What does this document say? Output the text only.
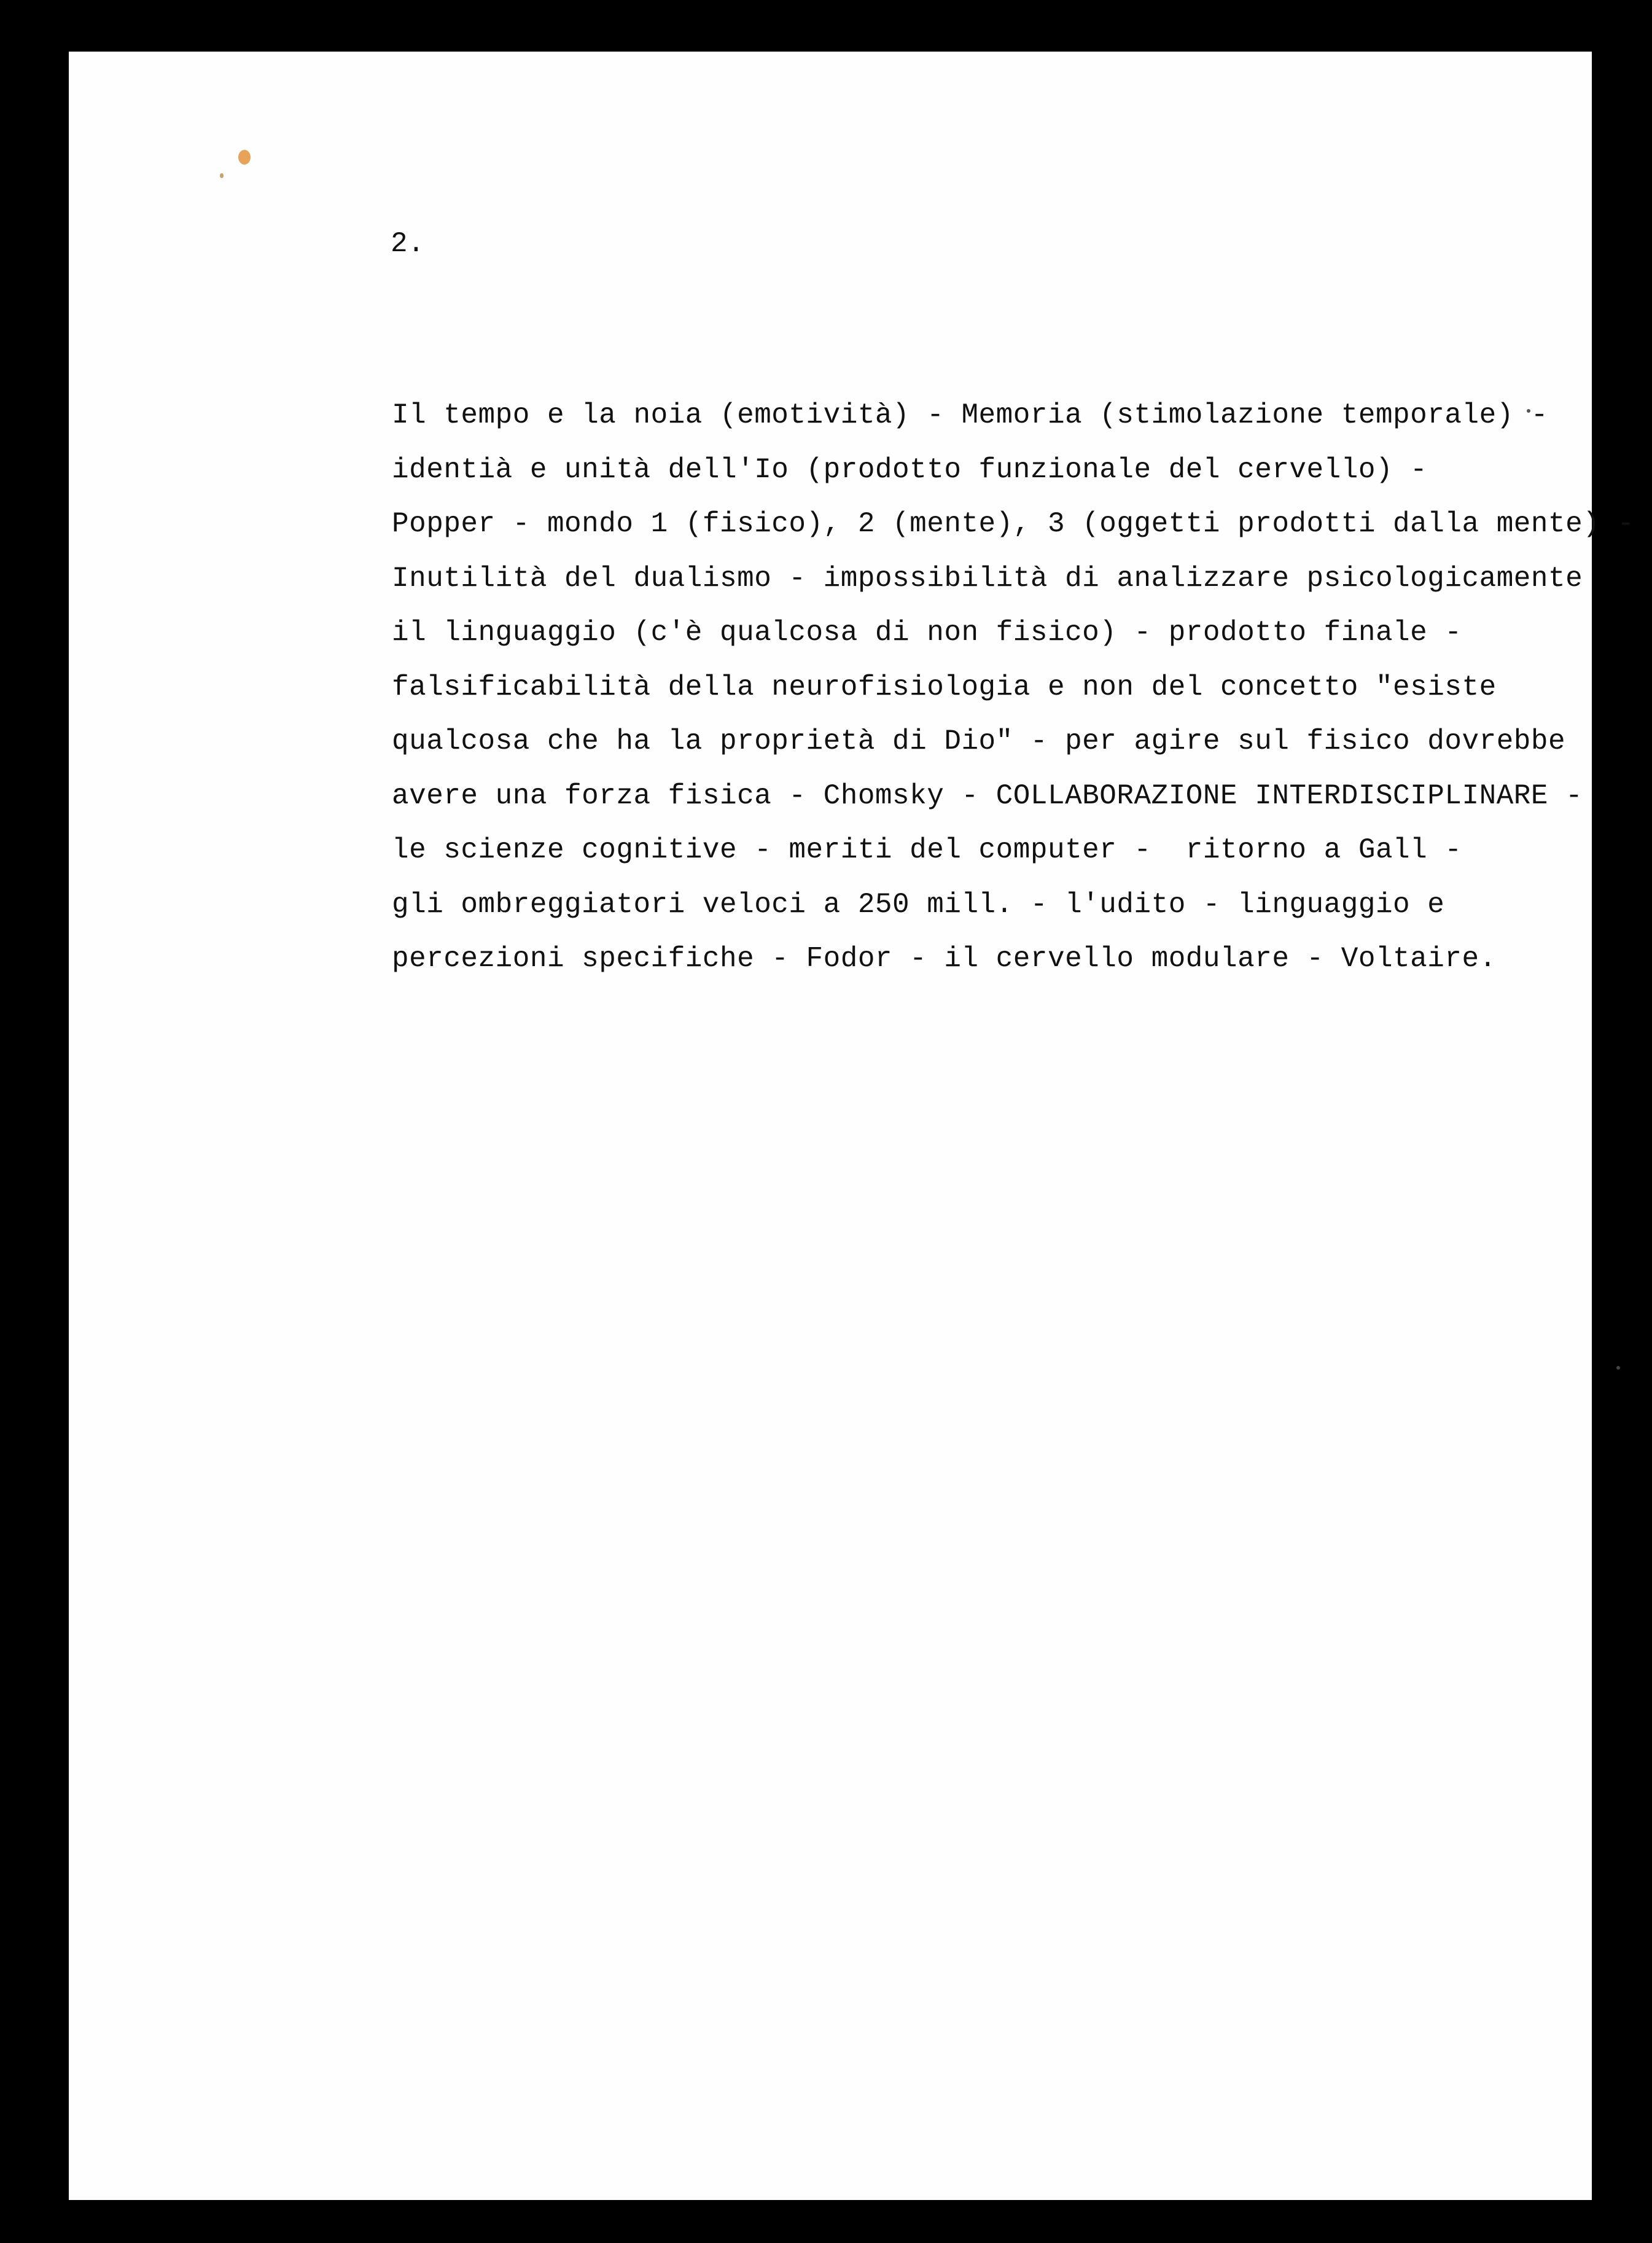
2.
Il tempo e la noia (emotività) - Memoria (stimolazione temporale) -
identià e unità dell'Io (prodotto funzionale del cervello) -
Popper - mondo 1 (fisico), 2 (mente), 3 (oggetti prodotti dalla mente) -
Inutilità del dualismo - impossibilità di analizzare psicologicamente
il linguaggio (c'è qualcosa di non fisico) - prodotto finale -
falsificabilità della neurofisiologia e non del concetto "esiste
qualcosa che ha la proprietà di Dio" - per agire sul fisico dovrebbe
avere una forza fisica - Chomsky - COLLABORAZIONE INTERDISCIPLINARE -
le scienze cognitive - meriti del computer -  ritorno a Gall -
gli ombreggiatori veloci a 250 mill. - l'udito - linguaggio e
percezioni specifiche - Fodor - il cervello modulare - Voltaire.
